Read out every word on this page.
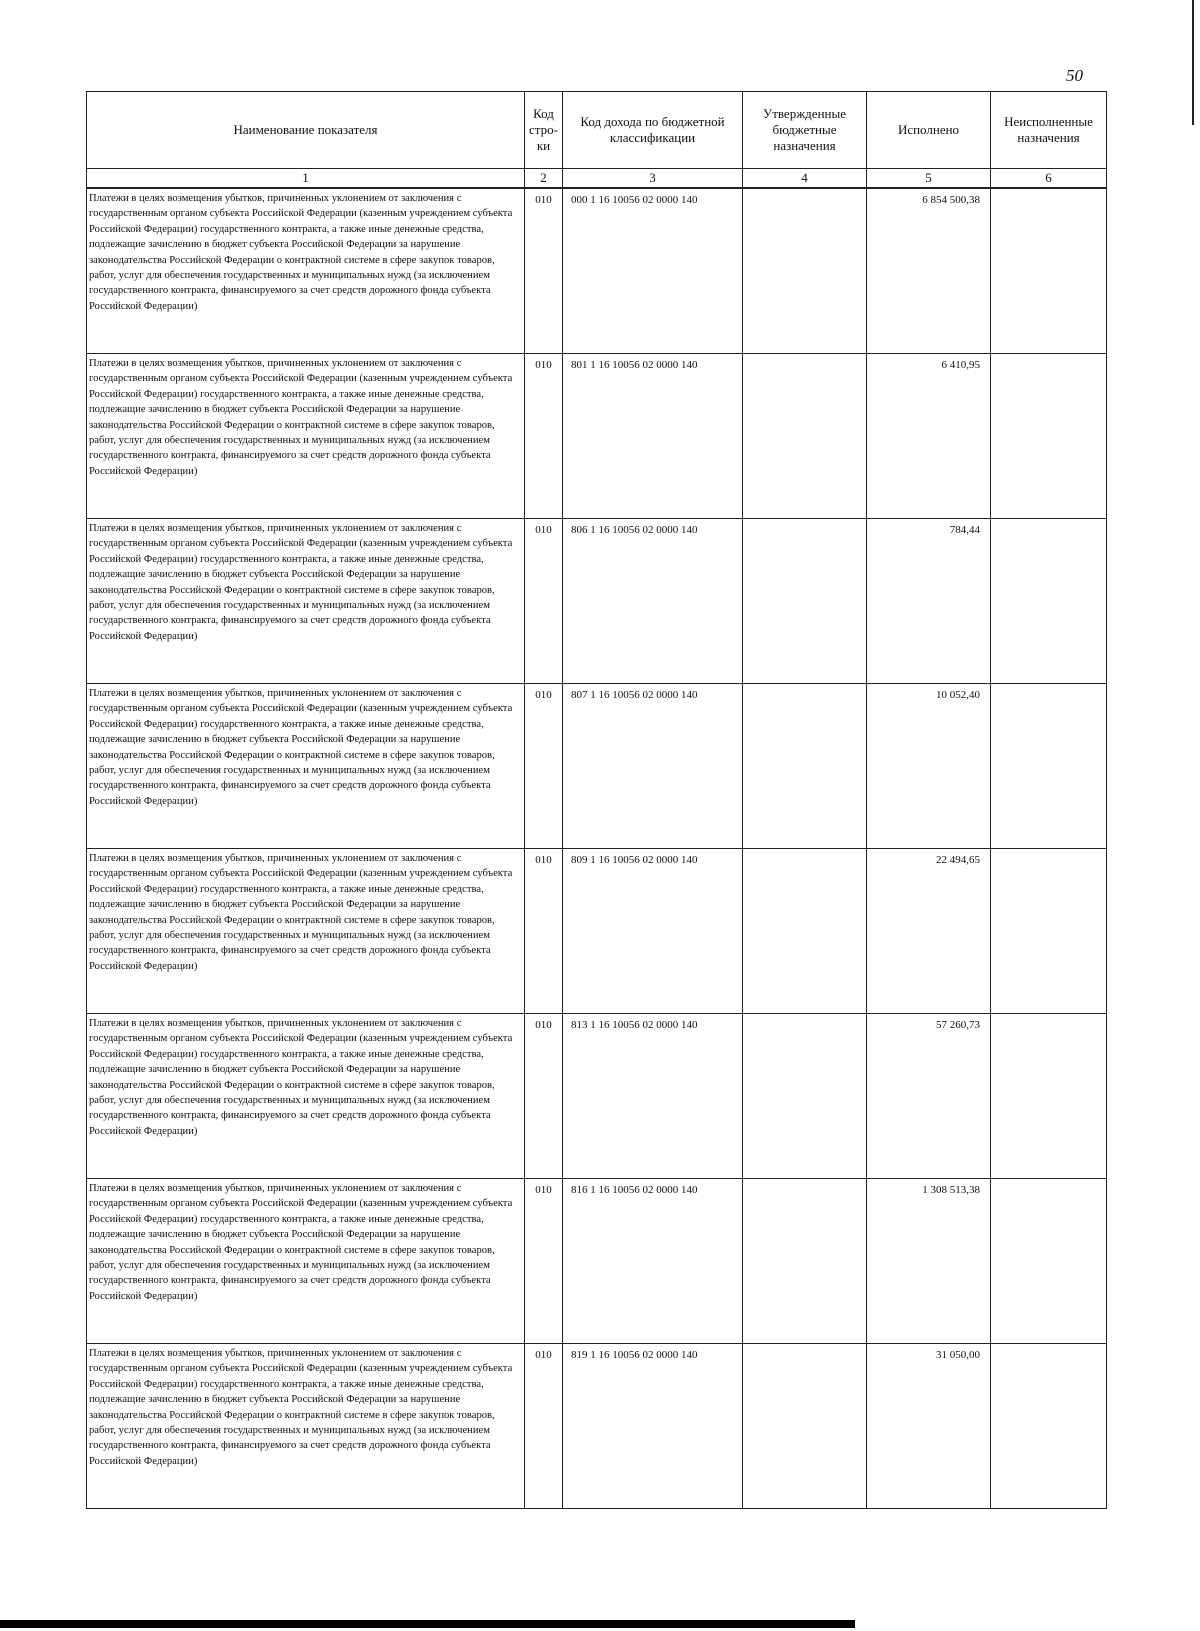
50
Наименование показателя	Код стро-ки	Код дохода по бюджетной классификации	Утвержденные бюджетные назначения	Исполнено	Неисполненные назначения
1	2	3	4	5	6
Платежи в целях возмещения убытков, причиненных уклонением от заключения с государственным органом субъекта Российской Федерации (казенным учреждением субъекта Российской Федерации) государственного контракта, а также иные денежные средства, подлежащие зачислению в бюджет субъекта Российской Федерации за нарушение законодательства Российской Федерации о контрактной системе в сфере закупок товаров, работ, услуг для обеспечения государственных и муниципальных нужд (за исключением государственного контракта, финансируемого за счет средств дорожного фонда субъекта Российской Федерации)	010	000 1 16 10056 02 0000 140		6 854 500,38	
Платежи в целях возмещения убытков, причиненных уклонением от заключения с государственным органом субъекта Российской Федерации (казенным учреждением субъекта Российской Федерации) государственного контракта, а также иные денежные средства, подлежащие зачислению в бюджет субъекта Российской Федерации за нарушение законодательства Российской Федерации о контрактной системе в сфере закупок товаров, работ, услуг для обеспечения государственных и муниципальных нужд (за исключением государственного контракта, финансируемого за счет средств дорожного фонда субъекта Российской Федерации)	010	801 1 16 10056 02 0000 140		6 410,95	
Платежи в целях возмещения убытков, причиненных уклонением от заключения с государственным органом субъекта Российской Федерации (казенным учреждением субъекта Российской Федерации) государственного контракта, а также иные денежные средства, подлежащие зачислению в бюджет субъекта Российской Федерации за нарушение законодательства Российской Федерации о контрактной системе в сфере закупок товаров, работ, услуг для обеспечения государственных и муниципальных нужд (за исключением государственного контракта, финансируемого за счет средств дорожного фонда субъекта Российской Федерации)	010	806 1 16 10056 02 0000 140		784,44	
Платежи в целях возмещения убытков, причиненных уклонением от заключения с государственным органом субъекта Российской Федерации (казенным учреждением субъекта Российской Федерации) государственного контракта, а также иные денежные средства, подлежащие зачислению в бюджет субъекта Российской Федерации за нарушение законодательства Российской Федерации о контрактной системе в сфере закупок товаров, работ, услуг для обеспечения государственных и муниципальных нужд (за исключением государственного контракта, финансируемого за счет средств дорожного фонда субъекта Российской Федерации)	010	807 1 16 10056 02 0000 140		10 052,40	
Платежи в целях возмещения убытков, причиненных уклонением от заключения с государственным органом субъекта Российской Федерации (казенным учреждением субъекта Российской Федерации) государственного контракта, а также иные денежные средства, подлежащие зачислению в бюджет субъекта Российской Федерации за нарушение законодательства Российской Федерации о контрактной системе в сфере закупок товаров, работ, услуг для обеспечения государственных и муниципальных нужд (за исключением государственного контракта, финансируемого за счет средств дорожного фонда субъекта Российской Федерации)	010	809 1 16 10056 02 0000 140		22 494,65	
Платежи в целях возмещения убытков, причиненных уклонением от заключения с государственным органом субъекта Российской Федерации (казенным учреждением субъекта Российской Федерации) государственного контракта, а также иные денежные средства, подлежащие зачислению в бюджет субъекта Российской Федерации за нарушение законодательства Российской Федерации о контрактной системе в сфере закупок товаров, работ, услуг для обеспечения государственных и муниципальных нужд (за исключением государственного контракта, финансируемого за счет средств дорожного фонда субъекта Российской Федерации)	010	813 1 16 10056 02 0000 140		57 260,73	
Платежи в целях возмещения убытков, причиненных уклонением от заключения с государственным органом субъекта Российской Федерации (казенным учреждением субъекта Российской Федерации) государственного контракта, а также иные денежные средства, подлежащие зачислению в бюджет субъекта Российской Федерации за нарушение законодательства Российской Федерации о контрактной системе в сфере закупок товаров, работ, услуг для обеспечения государственных и муниципальных нужд (за исключением государственного контракта, финансируемого за счет средств дорожного фонда субъекта Российской Федерации)	010	816 1 16 10056 02 0000 140		1 308 513,38	
Платежи в целях возмещения убытков, причиненных уклонением от заключения с государственным органом субъекта Российской Федерации (казенным учреждением субъекта Российской Федерации) государственного контракта, а также иные денежные средства, подлежащие зачислению в бюджет субъекта Российской Федерации за нарушение законодательства Российской Федерации о контрактной системе в сфере закупок товаров, работ, услуг для обеспечения государственных и муниципальных нужд (за исключением государственного контракта, финансируемого за счет средств дорожного фонда субъекта Российской Федерации)	010	819 1 16 10056 02 0000 140		31 050,00	
